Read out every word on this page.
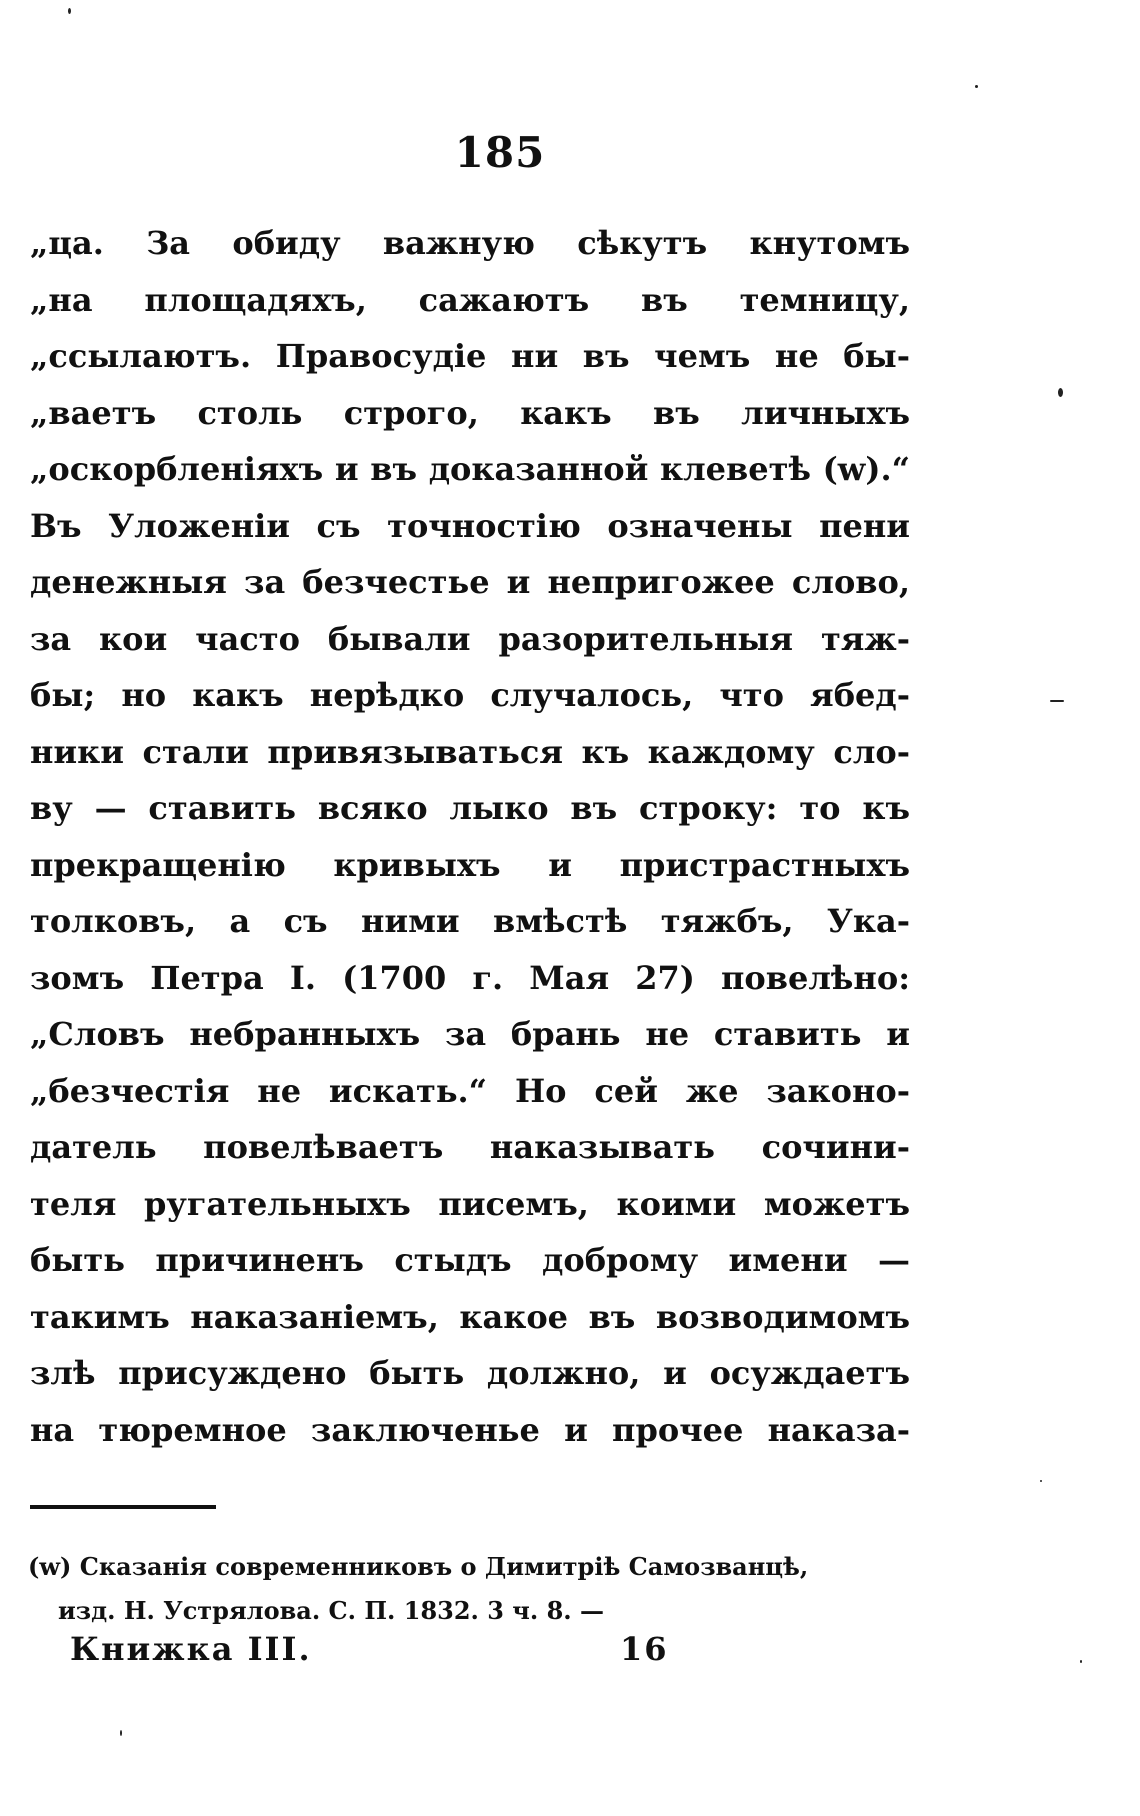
185
„ца. За обиду важную сѣкутъ кнутомъ
„на площадяхъ, сажаютъ въ темницу,
„ссылаютъ. Правосудіе ни въ чемъ не бы-
„ваетъ столь строго, какъ въ личныхъ
„оскорбленіяхъ и въ доказанной клеветѣ (w).“
Въ Уложеніи съ точностію означены пени
денежныя за безчестье и непригожее слово,
за кои часто бывали разорительныя тяж-
бы; но какъ нерѣдко случалось, что ябед-
ники стали привязываться къ каждому сло-
ву — ставить всяко лыко въ строку: то къ
прекращенію кривыхъ и пристрастныхъ
толковъ, а съ ними вмѣстѣ тяжбъ, Ука-
зомъ Петра I. (1700 г. Мая 27) повелѣно:
„Словъ небранныхъ за брань не ставить и
„безчестія не искать.“ Но сей же законо-
датель повелѣваетъ наказывать сочини-
теля ругательныхъ писемъ, коими можетъ
быть причиненъ стыдъ доброму имени —
такимъ наказаніемъ, какое въ возводимомъ
злѣ присуждено быть должно, и осуждаетъ
на тюремное заключенье и прочее наказа-
(w) Сказанія современниковъ о Димитріѣ Самозванцѣ,
изд. Н. Устрялова. С. П. 1832. 3 ч. 8. —
Книжка III.	16
